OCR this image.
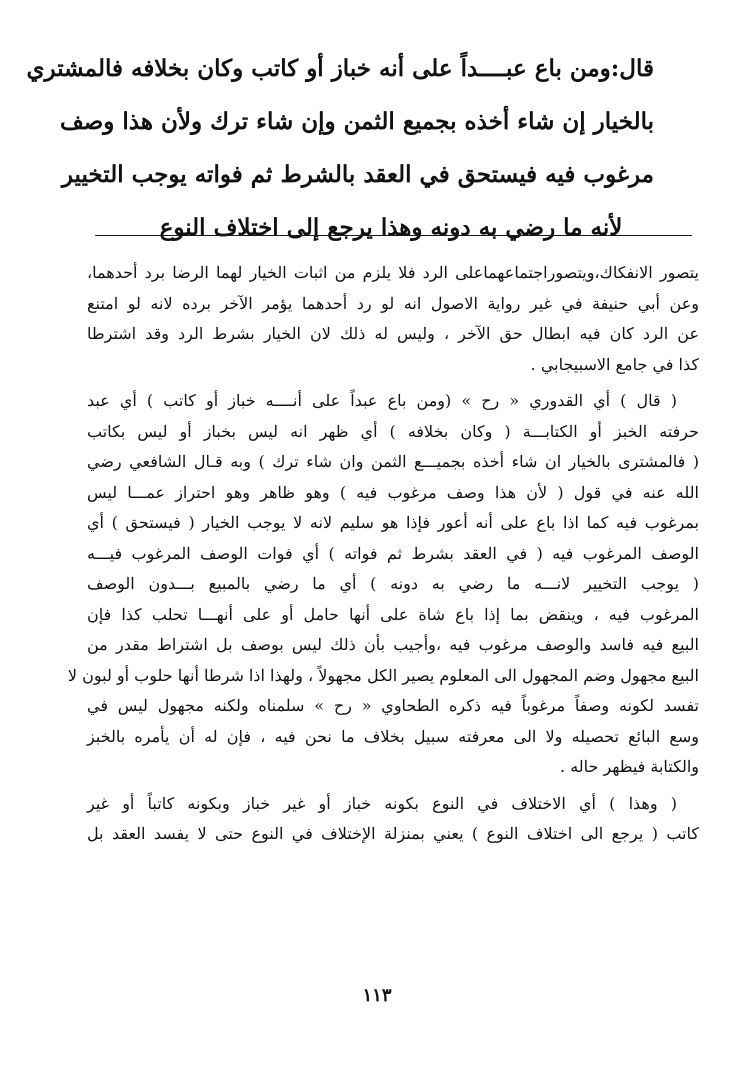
قال:ومن باع عبــــداً على أنه خباز أو كاتب وكان بخلافه فالمشتري
بالخيار إن شاء أخذه بجميع الثمن وإن شاء ترك ولأن هذا وصف
مرغوب فيه فيستحق في العقد بالشرط ثم فواته يوجب التخيير
لأنه ما رضي به دونه وهذا يرجع إلى اختلاف النوع
يتصور الانفكاك،ويتصوراجتماعهماعلى الرد فلا يلزم من اثبات الخيار لهما الرضا برد أحدهما،
وعن أبي حنيفة في غير رواية الاصول انه لو رد أحدهما يؤمر الآخر برده لانه لو امتنع
عن الرد كان فيه ابطال حق الآخر ، وليس له ذلك لان الخيار بشرط الرد وقد اشترطا
كذا في جامع الاسبيجابي .
( قال ) أي القدوري « رح » (ومن باع عبداً على أنــــه خباز أو كاتب ) أي عبد
حرفته الخبز أو الكتابـــة ( وكان بخلافه ) أي ظهر انه ليس بخباز أو ليس بكاتب
( فالمشترى بالخيار ان شاء أخذه بجميـــع الثمن وان شاء ترك ) وبه قـال الشافعي رضي
الله عنه في قول ( لأن هذا وصف مرغوب فيه ) وهو ظاهر وهو احتراز عمـــا ليس
بمرغوب فيه كما اذا باع على أنه أعور فإذا هو سليم لانه لا يوجب الخيار ( فيستحق ) أي
الوصف المرغوب فيه ( في العقد بشرط ثم فواته ) أي فوات الوصف المرغوب فيـــه
( يوجب التخيير لانـــه ما رضي به دونه ) أي ما رضي بالمبيع بـــدون الوصف
المرغوب فيه ، وينقض بما إذا باع شاة على أنها حامل أو على أنهـــا تحلب كذا فإن
البيع فيه فاسد والوصف مرغوب فيه ،وأجيب بأن ذلك ليس بوصف بل اشتراط مقدر من
البيع مجهول وضم المجهول الى المعلوم يصير الكل مجهولاً ، ولهذا اذا شرطا أنها حلوب أو لبون لا
تفسد لكونه وصفاً مرغوباً فيه ذكره الطحاوي « رح » سلمناه ولكنه مجهول ليس في
وسع البائع تحصيله ولا الى معرفته سبيل بخلاف ما نحن فيه ، فإن له أن يأمره بالخبز
والكتابة فيظهر حاله .
( وهذا ) أي الاختلاف في النوع بكونه خباز أو غير خباز وبكونه كاتباً أو غير
كاتب ( يرجع الى اختلاف النوع ) يعني بمنزلة الإختلاف في النوع حتى لا يفسد العقد بل
١١٣
